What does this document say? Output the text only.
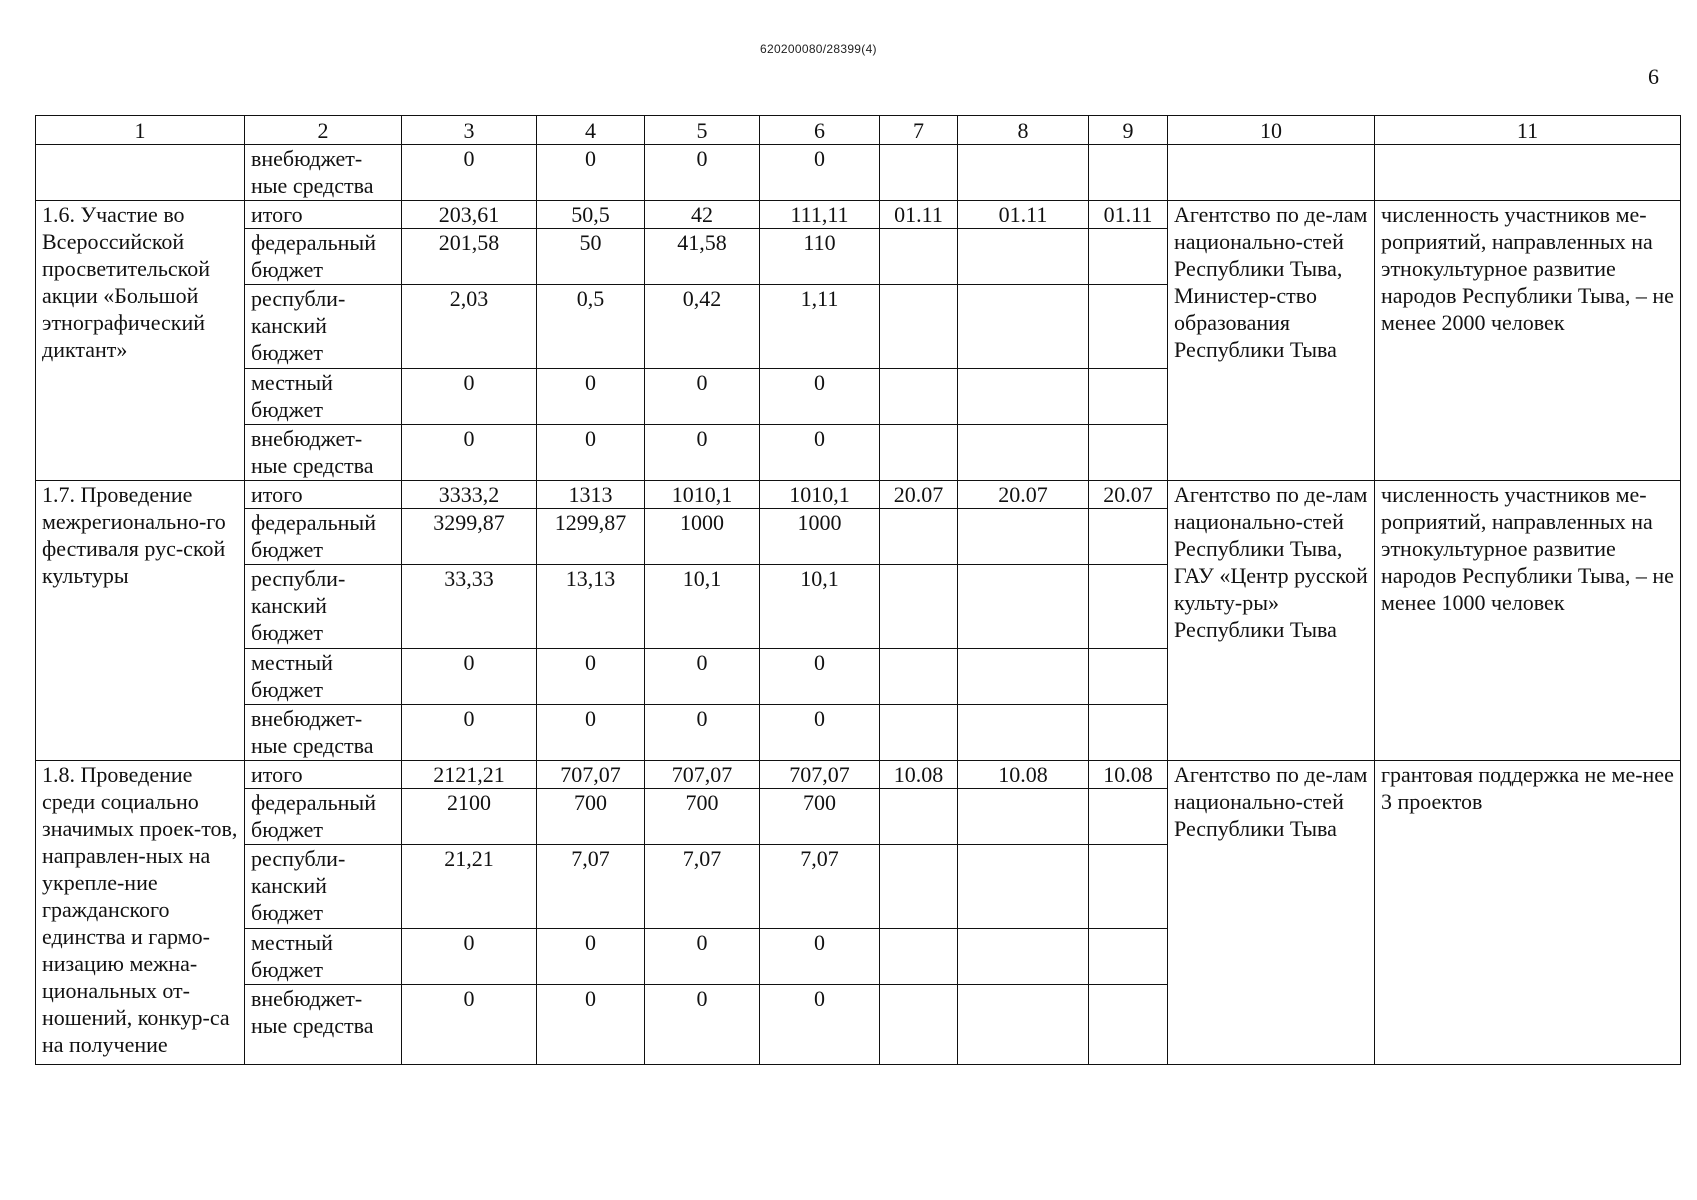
620200080/28399(4)
6
1	2	3	4	5	6	7	8	9	10	11
	внебюджет-ные средства	0	0	0	0					
1.6. Участие во Всероссийской просветительской акции «Большой этнографический диктант»	итого	203,61	50,5	42	111,11	01.11	01.11	01.11	Агентство по де-лам национально-стей Республики Тыва, Министер-ство образования Республики Тыва	численность участников ме-роприятий, направленных на этнокультурное развитие народов Республики Тыва, – не менее 2000 человек
	федеральный бюджет	201,58	50	41,58	110					
	республи-канский бюджет	2,03	0,5	0,42	1,11					
	местный бюджет	0	0	0	0					
	внебюджет-ные средства	0	0	0	0					
1.7. Проведение межрегионально-го фестиваля рус-ской культуры	итого	3333,2	1313	1010,1	1010,1	20.07	20.07	20.07	Агентство по де-лам национально-стей Республики Тыва, ГАУ «Центр русской культу-ры» Республики Тыва	численность участников ме-роприятий, направленных на этнокультурное развитие народов Республики Тыва, – не менее 1000 человек
	федеральный бюджет	3299,87	1299,87	1000	1000					
	республи-канский бюджет	33,33	13,13	10,1	10,1					
	местный бюджет	0	0	0	0					
	внебюджет-ные средства	0	0	0	0					
1.8. Проведение среди социально значимых проек-тов, направлен-ных на укрепле-ние гражданского единства и гармо-низацию межна-циональных от-ношений, конкур-са на получение	итого	2121,21	707,07	707,07	707,07	10.08	10.08	10.08	Агентство по де-лам национально-стей Республики Тыва	грантовая поддержка не ме-нее 3 проектов
	федеральный бюджет	2100	700	700	700					
	республи-канский бюджет	21,21	7,07	7,07	7,07					
	местный бюджет	0	0	0	0					
	внебюджет-ные средства	0	0	0	0					
